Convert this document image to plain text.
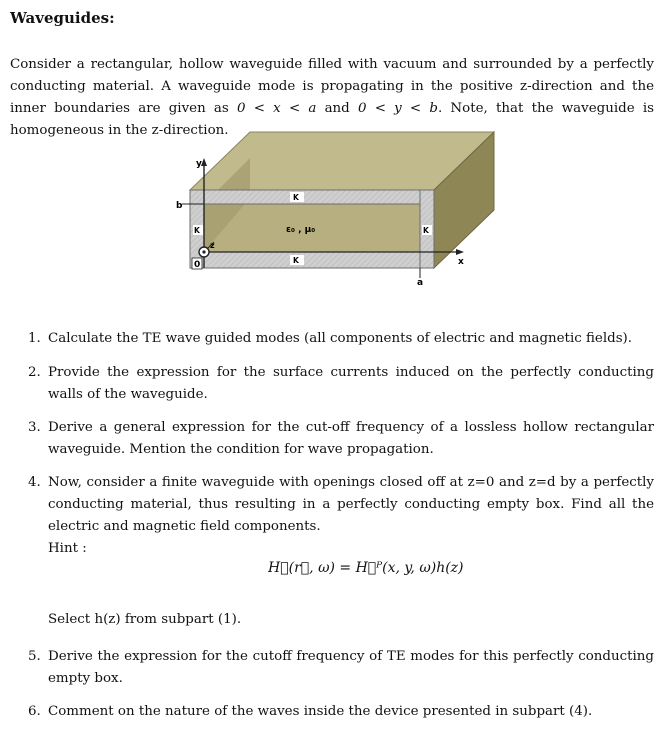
Waveguides:

Consider a rectangular, hollow waveguide filled with vacuum and surrounded by a perfectly conducting material. A waveguide mode is propagating in the positive z-direction and the inner boundaries are given as 0 < x < a and 0 < y < b. Note, that the waveguide is homogeneous in the z-direction.

y
b
z
0
a
x
K
K
K	K
ε₀ , μ₀
1. Calculate the TE wave guided modes (all components of electric and magnetic fields).
2. Provide the expression for the surface currents induced on the perfectly conducting walls of the waveguide.
3. Derive a general expression for the cut-off frequency of a lossless hollow rectangular waveguide. Mention the condition for wave propagation.
4. Now, consider a finite waveguide with openings closed off at z=0 and z=d by a perfectly conducting material, thus resulting in a perfectly conducting empty box. Find all the electric and magnetic field components.
Hint :
H⃗(r⃗, ω) = H⃗ᴾ(x, y, ω)h(z)
Select h(z) from subpart (1).
5. Derive the expression for the cutoff frequency of TE modes for this perfectly conducting empty box.
6. Comment on the nature of the waves inside the device presented in subpart (4).
